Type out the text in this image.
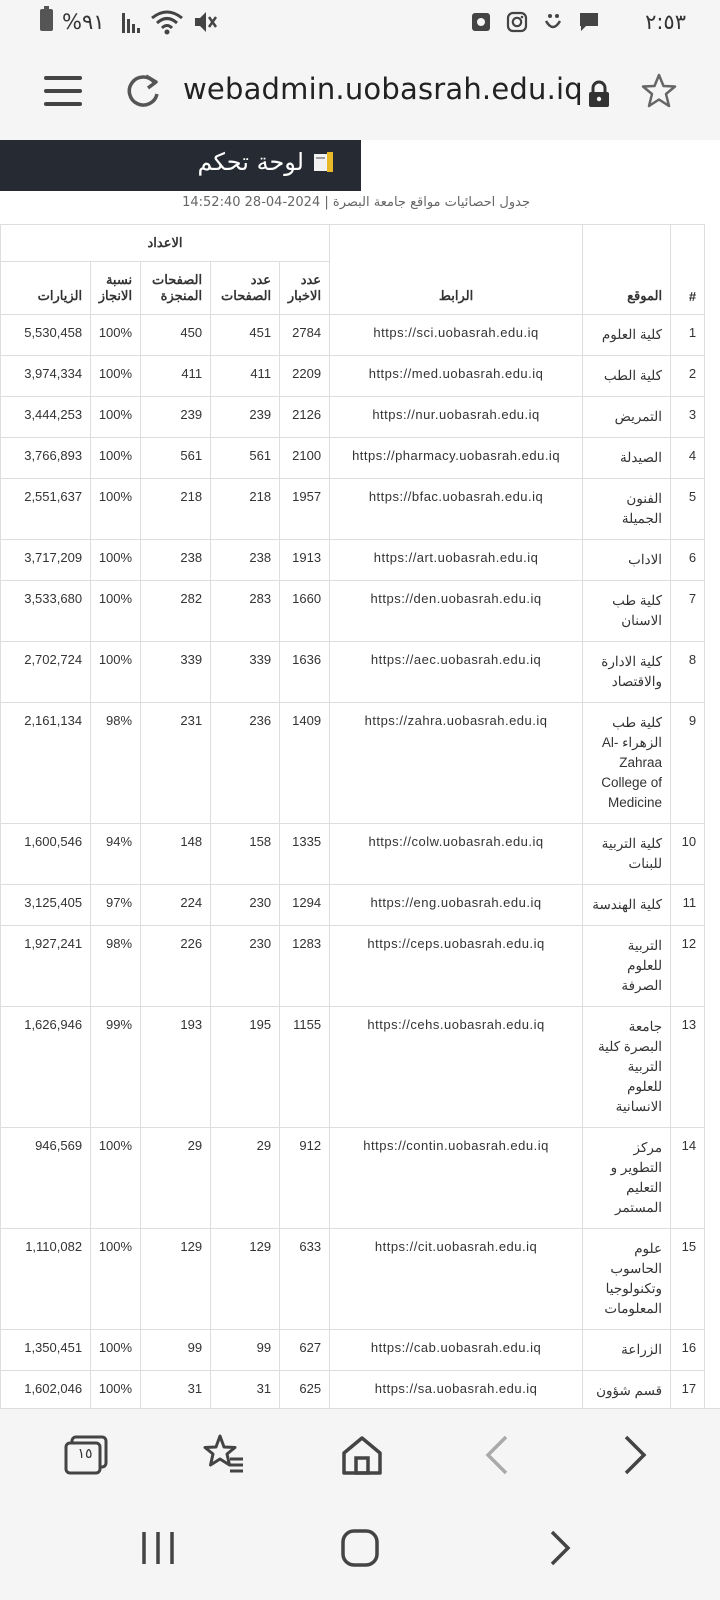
%٩١	٢:٥٣
webadmin.uobasrah.edu.iq
لوحة تحكم
جدول احصائيات مواقع جامعة البصرة | 2024-04-28 14:52:40
#	الموقع	الرابط	الاعداد				
			عدد الاخبار	عدد الصفحات	الصفحات المنجزة	نسبة الانجاز	الزيارات
1	كلية العلوم	https://sci.uobasrah.edu.iq	2784	451	450	100%	5,530,458
2	كلية الطب	https://med.uobasrah.edu.iq	2209	411	411	100%	3,974,334
3	التمريض	https://nur.uobasrah.edu.iq	2126	239	239	100%	3,444,253
4	الصيدلة	https://pharmacy.uobasrah.edu.iq	2100	561	561	100%	3,766,893
5	الفنون الجميلة	https://bfac.uobasrah.edu.iq	1957	218	218	100%	2,551,637
6	الاداب	https://art.uobasrah.edu.iq	1913	238	238	100%	3,717,209
7	كلية طب الاسنان	https://den.uobasrah.edu.iq	1660	283	282	100%	3,533,680
8	كلية الادارة والاقتصاد	https://aec.uobasrah.edu.iq	1636	339	339	100%	2,702,724
9	كلية طب الزهراء -Al Zahraa College of Medicine	https://zahra.uobasrah.edu.iq	1409	236	231	98%	2,161,134
10	كلية التربية للبنات	https://colw.uobasrah.edu.iq	1335	158	148	94%	1,600,546
11	كلية الهندسة	https://eng.uobasrah.edu.iq	1294	230	224	97%	3,125,405
12	التربية للعلوم الصرفة	https://ceps.uobasrah.edu.iq	1283	230	226	98%	1,927,241
13	جامعة البصرة كلية التربية للعلوم الانسانية	https://cehs.uobasrah.edu.iq	1155	195	193	99%	1,626,946
14	مركز التطوير و التعليم المستمر	https://contin.uobasrah.edu.iq	912	29	29	100%	946,569
15	علوم الحاسوب وتكنولوجيا المعلومات	https://cit.uobasrah.edu.iq	633	129	129	100%	1,110,082
16	الزراعة	https://cab.uobasrah.edu.iq	627	99	99	100%	1,350,451
17	قسم شؤون	https://sa.uobasrah.edu.iq	625	31	31	100%	1,602,046
١٥
